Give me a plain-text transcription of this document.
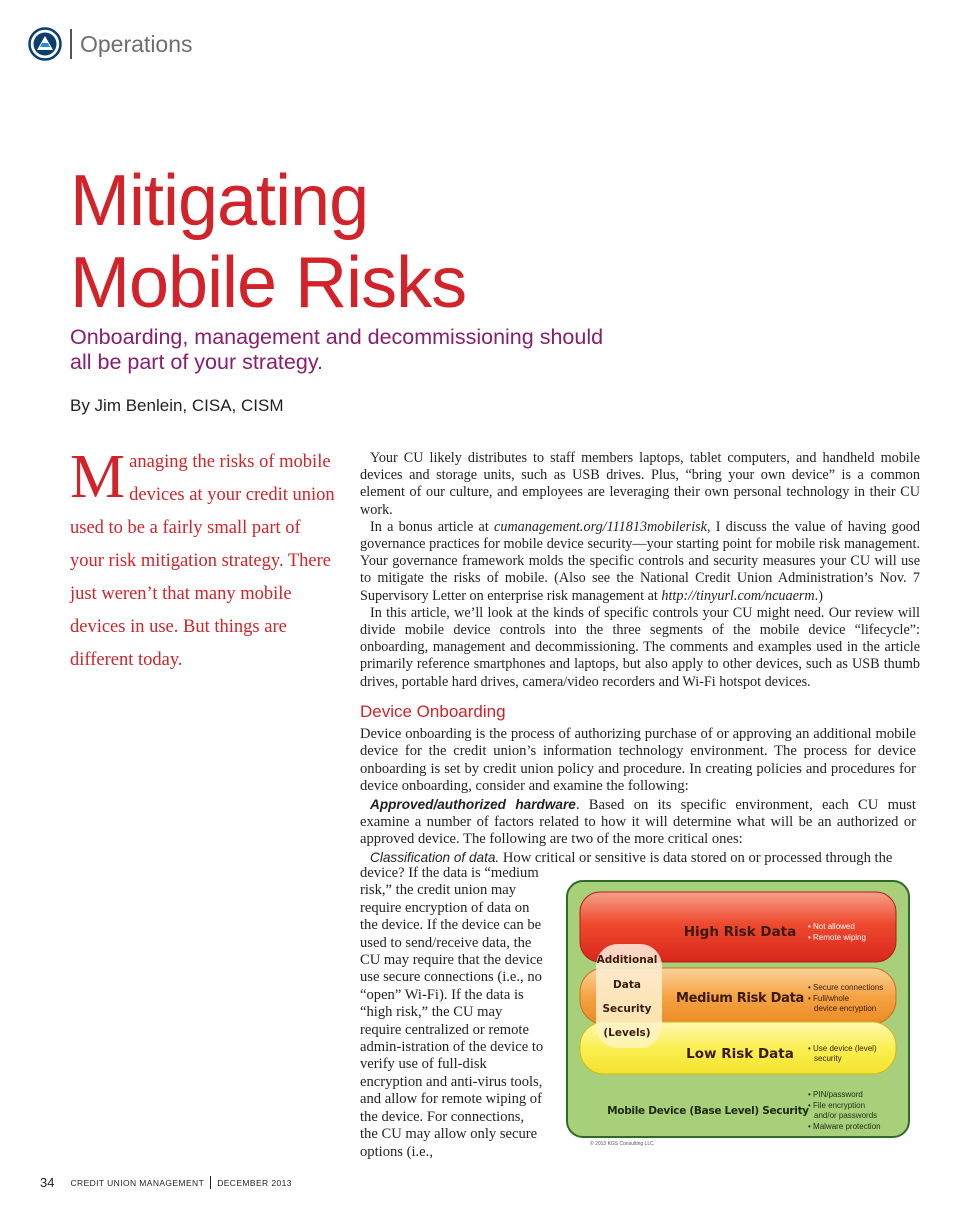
Operations
Mitigating
Mobile Risks

Onboarding, management and decommissioning should all be part of your strategy.

By Jim Benlein, CISA, CISM
Managing the risks of mobile devices at your credit union used to be a fairly small part of your risk mitigation strategy. There just weren’t that many mobile devices in use. But things are different today.

Your CU likely distributes to staff members laptops, tablet computers, and handheld mobile devices and storage units, such as USB drives. Plus, “bring your own device” is a common element of our culture, and employees are leveraging their own personal technology in their CU work.

In a bonus article at cumanagement.org/111813mobilerisk, I discuss the value of having good governance practices for mobile device security—your starting point for mobile risk management. Your governance framework molds the specific controls and security measures your CU will use to mitigate the risks of mobile. (Also see the National Credit Union Administration’s Nov. 7 Supervisory Letter on enterprise risk management at http://tinyurl.com/ncuaerm.)

In this article, we’ll look at the kinds of specific controls your CU might need. Our review will divide mobile device controls into the three segments of the mobile device “lifecycle”: onboarding, management and decommissioning. The comments and examples used in the article primarily reference smartphones and laptops, but also apply to other devices, such as USB thumb drives, portable hard drives, camera/video recorders and Wi-Fi hotspot devices.

Device Onboarding

Device onboarding is the process of authorizing purchase of or approving an additional mobile device for the credit union’s information technology environment. The process for device onboarding is set by credit union policy and procedure. In creating policies and procedures for device onboarding, consider and examine the following:

Approved/authorized hardware. Based on its specific environment, each CU must examine a number of factors related to how it will determine what will be an authorized or approved device. The following are two of the more critical ones:

Classification of data. How critical or sensitive is data stored on or processed through the

device? If the data is “medium risk,” the credit union may require encryption of data on the device. If the device can be used to send/receive data, the CU may require that the device use secure connections (i.e., no “open” Wi-Fi). If the data is “high risk,” the CU may require centralized or remote admin-istration of the device to verify use of full-disk encryption and anti-virus tools, and allow for remote wiping of the device. For connections, the CU may allow only secure options (i.e.,
High Risk Data • Not allowed
• Remote wiping
Medium Risk Data
• Secure connections
• Full/whole
device encryption
Low Risk Data • Use device (level)
security
Additional
Data
Security
(Levels)
Mobile Device (Base Level) Security
• PIN/password
• File encryption
and/or passwords
• Malware protection
© 2013 KGS Consulting LLC
34 CREDIT UNION MANAGEMENT DECEMBER 2013
